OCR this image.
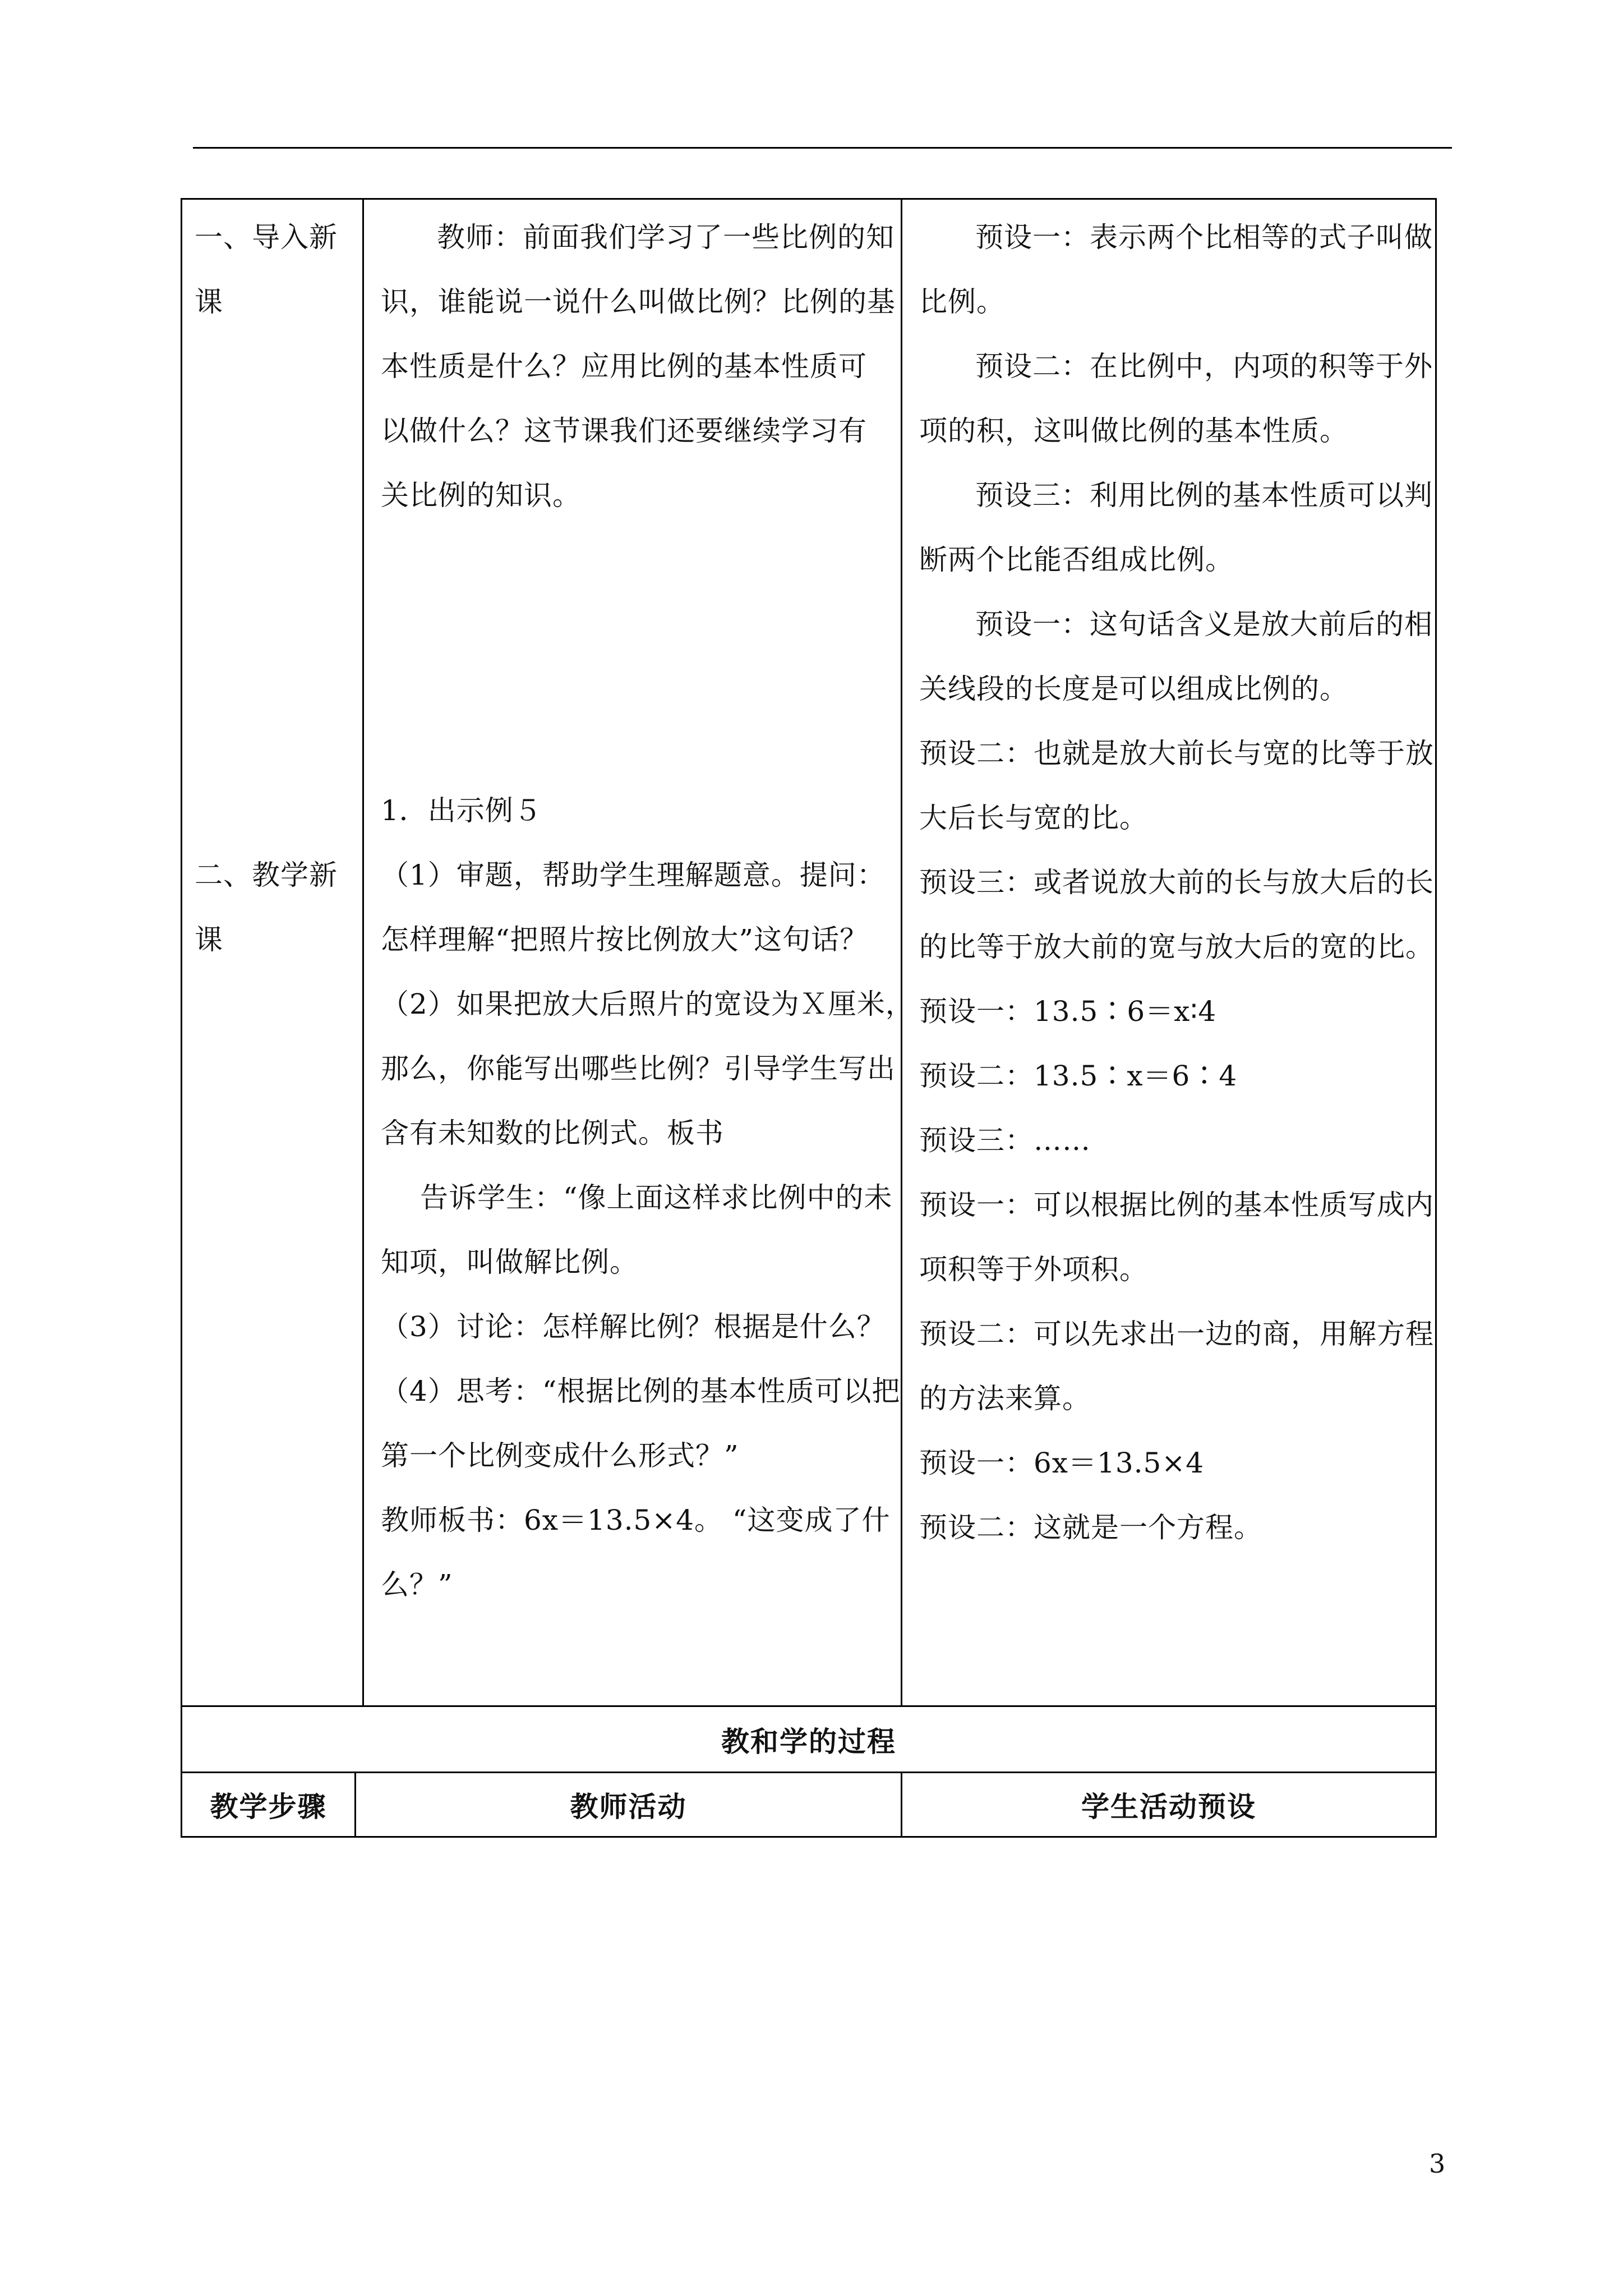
一、导入新
课
二、教学新
课
教师：前面我们学习了一些比例的知
识，谁能说一说什么叫做比例？比例的基
本性质是什么？应用比例的基本性质可
以做什么？这节课我们还要继续学习有
关比例的知识。
1．出示例５
（1）审题，帮助学生理解题意。提问：
怎样理解“把照片按比例放大”这句话？
（2）如果把放大后照片的宽设为Ｘ厘米，
那么，你能写出哪些比例？引导学生写出
含有未知数的比例式。板书
告诉学生：“像上面这样求比例中的未
知项，叫做解比例。
（3）讨论：怎样解比例？根据是什么？
（4）思考：“根据比例的基本性质可以把
第一个比例变成什么形式？”
教师板书：6x＝13.5×4。 “这变成了什
么？”
预设一：表示两个比相等的式子叫做
比例。
预设二：在比例中，内项的积等于外
项的积，这叫做比例的基本性质。
预设三：利用比例的基本性质可以判
断两个比能否组成比例。
预设一：这句话含义是放大前后的相
关线段的长度是可以组成比例的。
预设二：也就是放大前长与宽的比等于放
大后长与宽的比。
预设三：或者说放大前的长与放大后的长
的比等于放大前的宽与放大后的宽的比。
预设一：13.5∶6＝x∶4
预设二：13.5∶x＝6∶4
预设三：……
预设一：可以根据比例的基本性质写成内
项积等于外项积。
预设二：可以先求出一边的商，用解方程
的方法来算。
预设一：6x＝13.5×4
预设二：这就是一个方程。
教和学的过程
教学步骤	教师活动	学生活动预设
3
